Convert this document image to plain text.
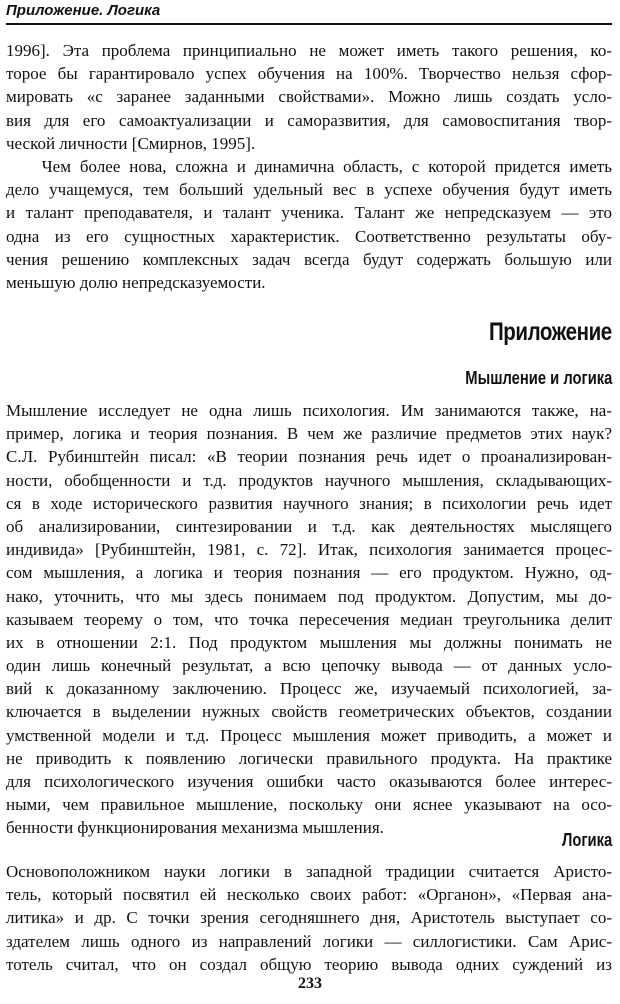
Приложение. Логика
1996]. Эта проблема принципиально не может иметь такого решения, ко-
торое бы гарантировало успех обучения на 100%. Творчество нельзя сфор-
мировать «с заранее заданными свойствами». Можно лишь создать усло-
вия для его самоактуализации и саморазвития, для самовоспитания твор-
ческой личности [Смирнов, 1995].
Чем более нова, сложна и динамична область, с которой придется иметь
дело учащемуся, тем больший удельный вес в успехе обучения будут иметь
и талант преподавателя, и талант ученика. Талант же непредсказуем — это
одна из его сущностных характеристик. Соответственно результаты обу-
чения решению комплексных задач всегда будут содержать большую или
меньшую долю непредсказуемости.
Приложение
Мышление и логика
Мышление исследует не одна лишь психология. Им занимаются также, на-
пример, логика и теория познания. В чем же различие предметов этих наук?
С.Л. Рубинштейн писал: «В теории познания речь идет о проанализирован-
ности, обобщенности и т.д. продуктов научного мышления, складывающих-
ся в ходе исторического развития научного знания; в психологии речь идет
об анализировании, синтезировании и т.д. как деятельностях мыслящего
индивида» [Рубинштейн, 1981, с. 72]. Итак, психология занимается процес-
сом мышления, а логика и теория познания — его продуктом. Нужно, од-
нако, уточнить, что мы здесь понимаем под продуктом. Допустим, мы до-
казываем теорему о том, что точка пересечения медиан треугольника делит
их в отношении 2:1. Под продуктом мышления мы должны понимать не
один лишь конечный результат, а всю цепочку вывода — от данных усло-
вий к доказанному заключению. Процесс же, изучаемый психологией, за-
ключается в выделении нужных свойств геометрических объектов, создании
умственной модели и т.д. Процесс мышления может приводить, а может и
не приводить к появлению логически правильного продукта. На практике
для психологического изучения ошибки часто оказываются более интерес-
ными, чем правильное мышление, поскольку они яснее указывают на осо-
бенности функционирования механизма мышления.
Логика
Основоположником науки логики в западной традиции считается Аристо-
тель, который посвятил ей несколько своих работ: «Органон», «Первая ана-
литика» и др. С точки зрения сегодняшнего дня, Аристотель выступает со-
здателем лишь одного из направлений логики — силлогистики. Сам Арис-
тотель считал, что он создал общую теорию вывода одних суждений из
233
